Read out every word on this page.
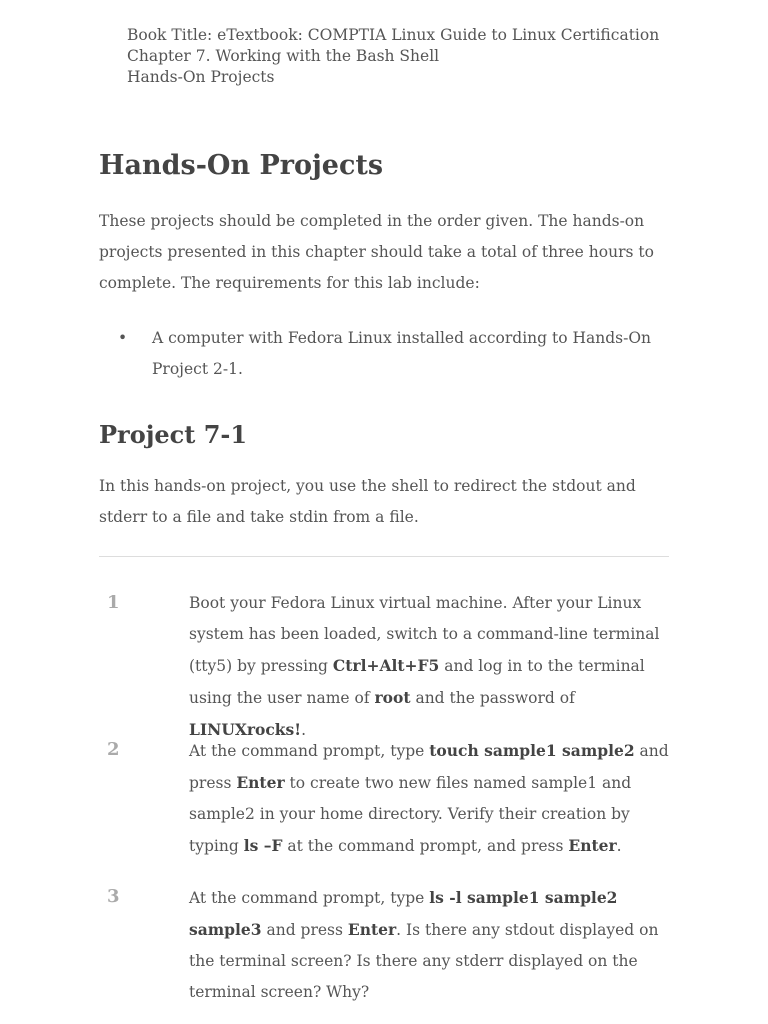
Book Title: eTextbook: COMPTIA Linux Guide to Linux Certification
Chapter 7. Working with the Bash Shell
Hands-On Projects
Hands-On Projects

These projects should be completed in the order given. The hands-on projects presented in this chapter should take a total of three hours to complete. The requirements for this lab include:

• A computer with Fedora Linux installed according to Hands-On Project 2-1.
Project 7-1

In this hands-on project, you use the shell to redirect the stdout and stderr to a file and take stdin from a file.

1	Boot your Fedora Linux virtual machine. After your Linux system has been loaded, switch to a command-line terminal (tty5) by pressing Ctrl+Alt+F5 and log in to the terminal using the user name of root and the password of LINUXrocks!.
2	At the command prompt, type touch sample1 sample2 and press Enter to create two new files named sample1 and sample2 in your home directory. Verify their creation by typing ls –F at the command prompt, and press Enter.
3	At the command prompt, type ls -l sample1 sample2 sample3 and press Enter. Is there any stdout displayed on the terminal screen? Is there any stderr displayed on the terminal screen? Why?
